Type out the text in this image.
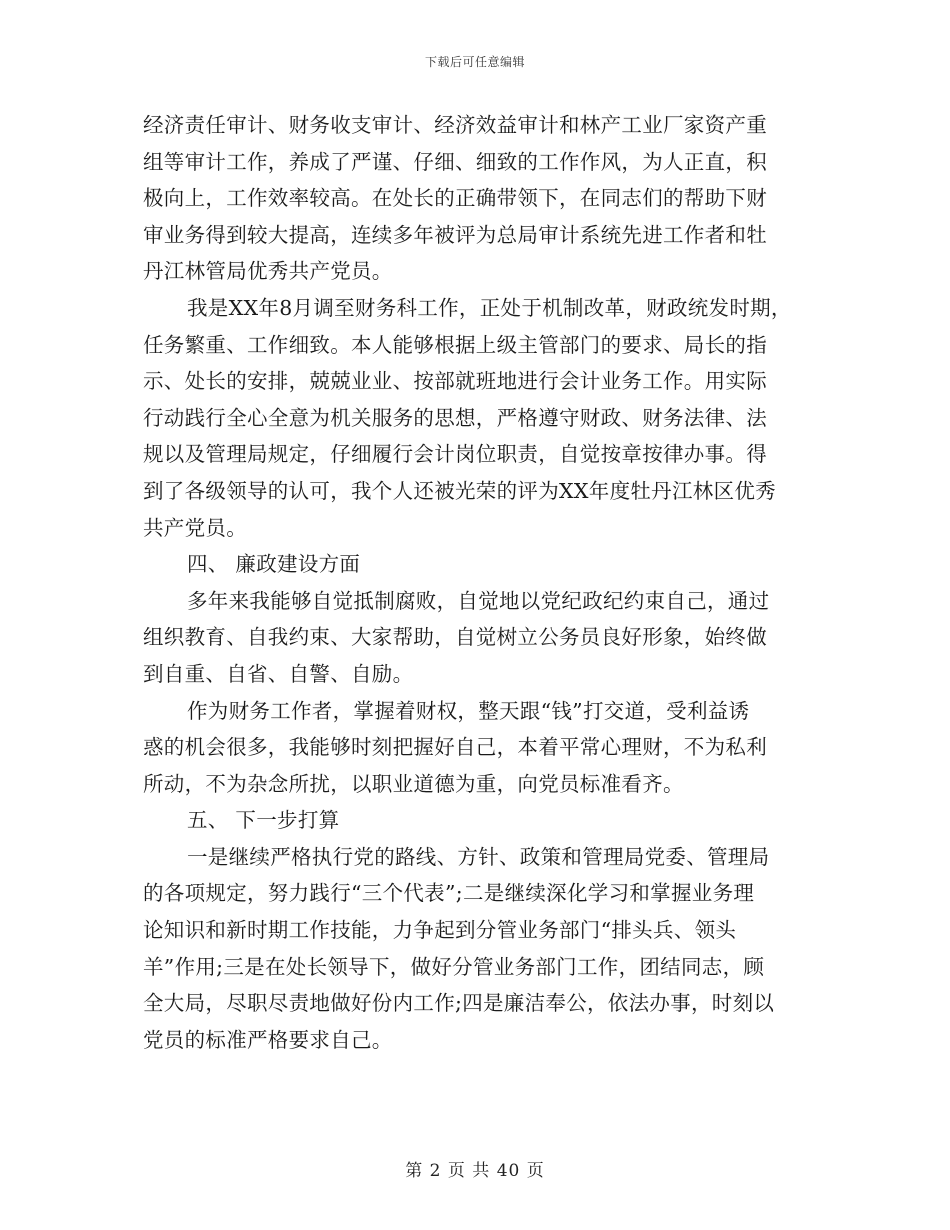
下载后可任意编辑
经济责任审计、财务收支审计、经济效益审计和林产工业厂家资产重
组等审计工作，养成了严谨、仔细、细致的工作作风，为人正直，积
极向上，工作效率较高。在处长的正确带领下，在同志们的帮助下财
审业务得到较大提高，连续多年被评为总局审计系统先进工作者和牡
丹江林管局优秀共产党员。
我是XX年8月调至财务科工作，正处于机制改革，财政统发时期，
任务繁重、工作细致。本人能够根据上级主管部门的要求、局长的指
示、处长的安排，兢兢业业、按部就班地进行会计业务工作。用实际
行动践行全心全意为机关服务的思想，严格遵守财政、财务法律、法
规以及管理局规定，仔细履行会计岗位职责，自觉按章按律办事。得
到了各级领导的认可，我个人还被光荣的评为XX年度牡丹江林区优秀
共产党员。
四、 廉政建设方面
多年来我能够自觉抵制腐败，自觉地以党纪政纪约束自己，通过
组织教育、自我约束、大家帮助，自觉树立公务员良好形象，始终做
到自重、自省、自警、自励。
作为财务工作者，掌握着财权，整天跟“钱”打交道，受利益诱
惑的机会很多，我能够时刻把握好自己，本着平常心理财，不为私利
所动，不为杂念所扰，以职业道德为重，向党员标准看齐。
五、 下一步打算
一是继续严格执行党的路线、方针、政策和管理局党委、管理局
的各项规定，努力践行“三个代表”;二是继续深化学习和掌握业务理
论知识和新时期工作技能，力争起到分管业务部门“排头兵、领头
羊”作用;三是在处长领导下，做好分管业务部门工作，团结同志，顾
全大局，尽职尽责地做好份内工作;四是廉洁奉公，依法办事，时刻以
党员的标准严格要求自己。
第 2 页 共 40 页
